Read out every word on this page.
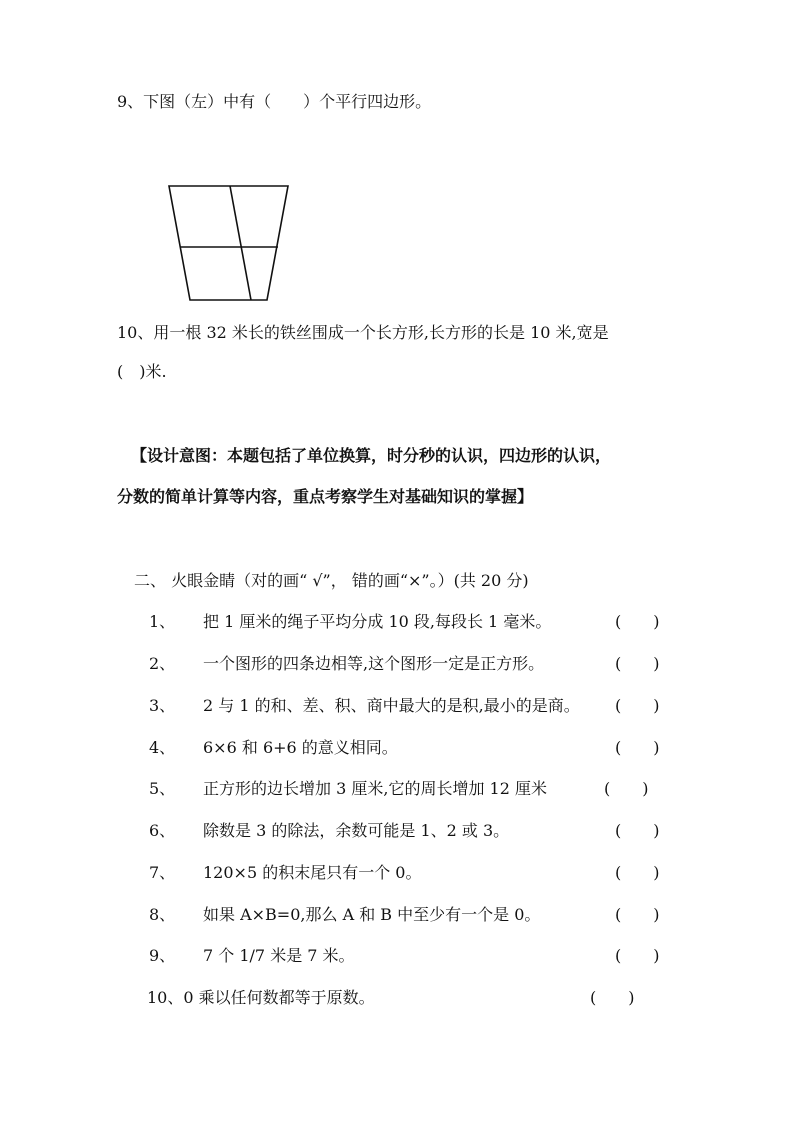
9、下图（左）中有（　　）个平行四边形。
10、用一根 32 米长的铁丝围成一个长方形,长方形的长是 10 米,宽是
(　)米.
【设计意图：本题包括了单位换算，时分秒的认识，四边形的认识，
分数的简单计算等内容，重点考察学生对基础知识的掌握】
二、 火眼金睛（对的画“ √”， 错的画“×”。）(共 20 分)
1、 把 1 厘米的绳子平均分成 10 段,每段长 1 毫米。	(　　)
2、 一个图形的四条边相等,这个图形一定是正方形。	(　　)
3、 2 与 1 的和、差、积、商中最大的是积,最小的是商。 (　　)
4、 6×6 和 6+6 的意义相同。	(　　)
5、 正方形的边长增加 3 厘米,它的周长增加 12 厘米	(　　)
6、 除数是 3 的除法，余数可能是 1、2 或 3。	(　　)
7、 120×5 的积末尾只有一个 0。	(　　)
8、 如果 A×B=0,那么 A 和 B 中至少有一个是 0。	(　　)
9、 7 个 1/7 米是 7 米。	(　　)
10、0 乘以任何数都等于原数。	(　　)
